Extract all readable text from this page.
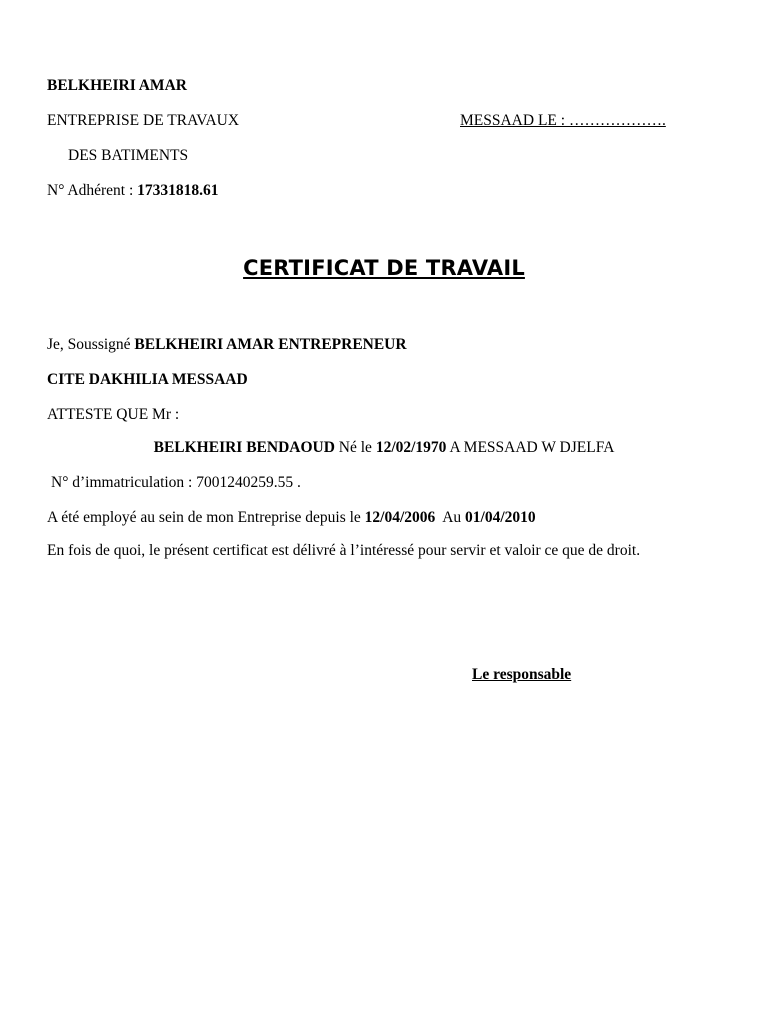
BELKHEIRI AMAR
ENTREPRISE DE TRAVAUX	MESSAAD LE : ……………….
DES BATIMENTS
N° Adhérent : 17331818.61
CERTIFICAT DE TRAVAIL
Je, Soussigné BELKHEIRI AMAR ENTREPRENEUR
CITE DAKHILIA MESSAAD
ATTESTE QUE Mr :
BELKHEIRI BENDAOUD Né le 12/02/1970 A MESSAAD W DJELFA
N° d’immatriculation : 7001240259.55 .
A été employé au sein de mon Entreprise depuis le 12/04/2006  Au 01/04/2010
En fois de quoi, le présent certificat est délivré à l’intéressé pour servir et valoir ce que de droit.
Le responsable
